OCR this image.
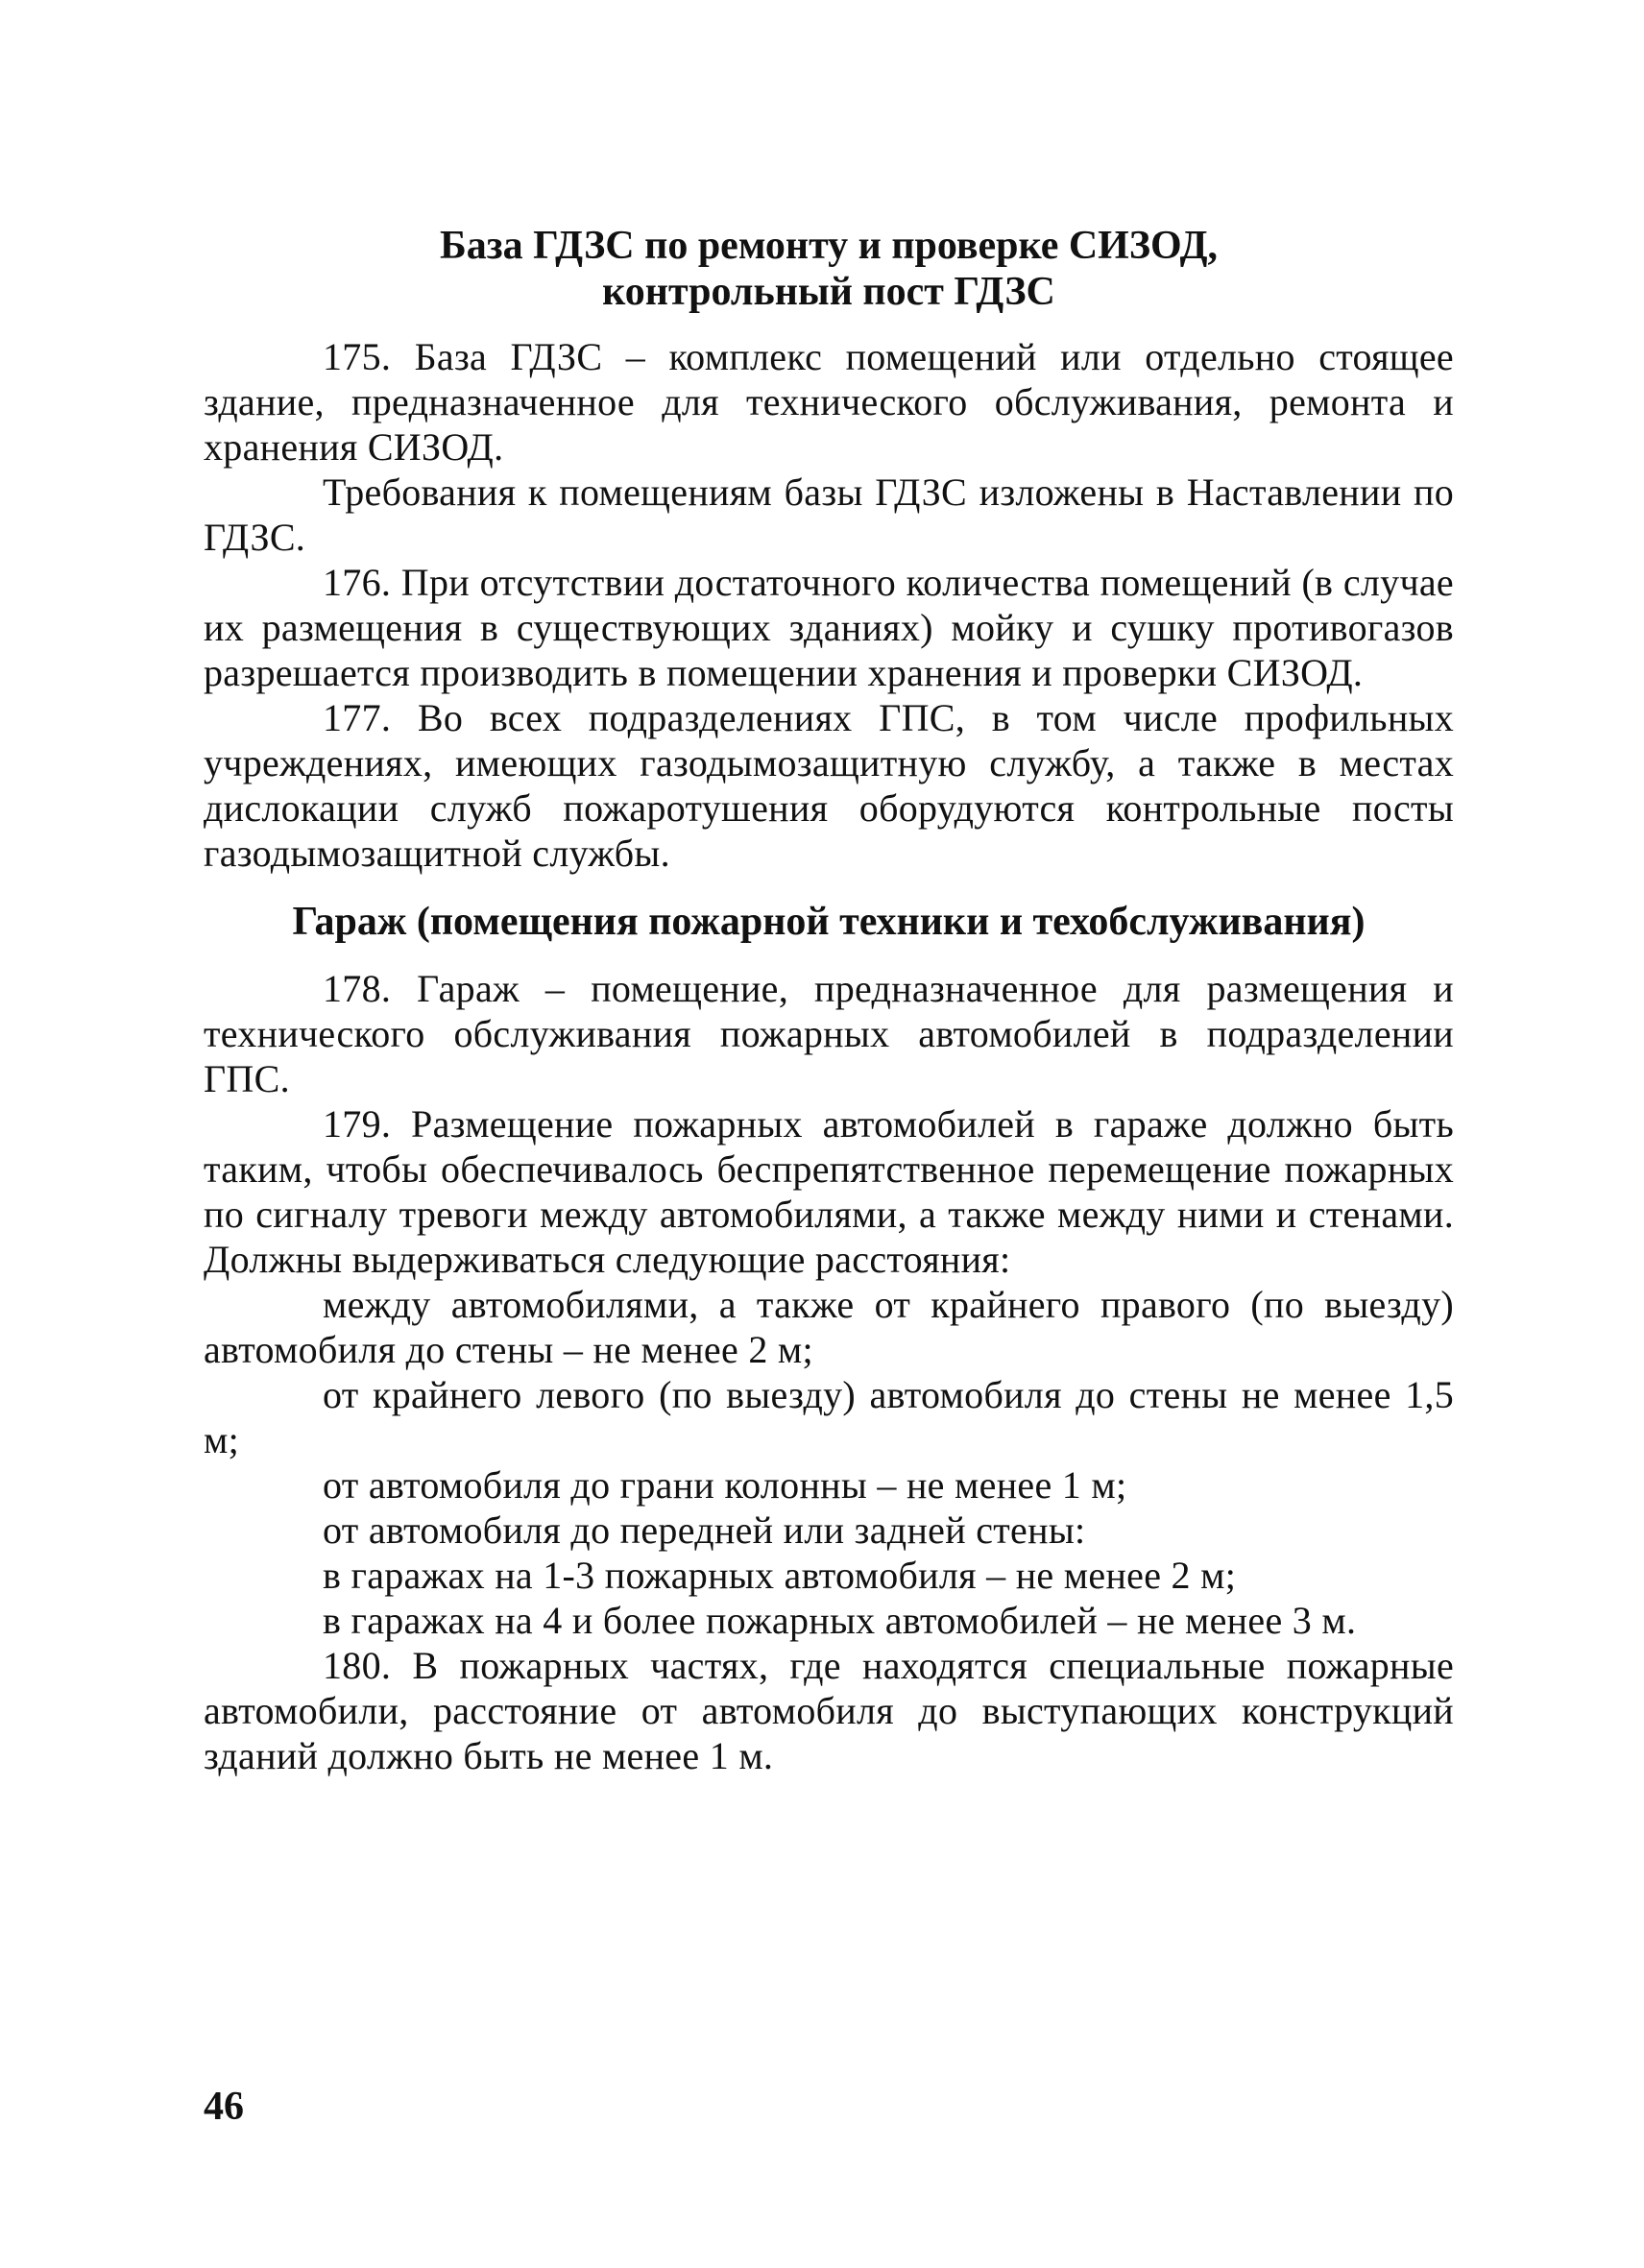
База ГДЗС по ремонту и проверке СИЗОД,
контрольный пост ГДЗС

175. База ГДЗС – комплекс помещений или отдельно стоящее здание, предназначенное для технического обслуживания, ремонта и хранения СИЗОД.

Требования к помещениям базы ГДЗС изложены в Наставлении по ГДЗС.

176. При отсутствии достаточного количества помещений (в случае их размещения в существующих зданиях) мойку и сушку противогазов разрешается производить в помещении хранения и проверки СИЗОД.

177. Во всех подразделениях ГПС, в том числе профильных учреждениях, имеющих газодымозащитную службу, а также в местах дислокации служб пожаротушения оборудуются контрольные посты газодымозащитной службы.

Гараж (помещения пожарной техники и техобслуживания)

178. Гараж – помещение, предназначенное для размещения и технического обслуживания пожарных автомобилей в подразделении ГПС.

179. Размещение пожарных автомобилей в гараже должно быть таким, чтобы обеспечивалось беспрепятственное перемещение пожарных по сигналу тревоги между автомобилями, а также между ними и стенами. Должны выдерживаться следующие расстояния:

между автомобилями, а также от крайнего правого (по выезду) автомобиля до стены – не менее 2 м;

от крайнего левого (по выезду) автомобиля до стены не менее 1,5 м;

от автомобиля до грани колонны – не менее 1 м;

от автомобиля до передней или задней стены:

в гаражах на 1-3 пожарных автомобиля – не менее 2 м;

в гаражах на 4 и более пожарных автомобилей – не менее 3 м.

180. В пожарных частях, где находятся специальные пожарные автомобили, расстояние от автомобиля до выступающих конструкций зданий должно быть не менее 1 м.

46
